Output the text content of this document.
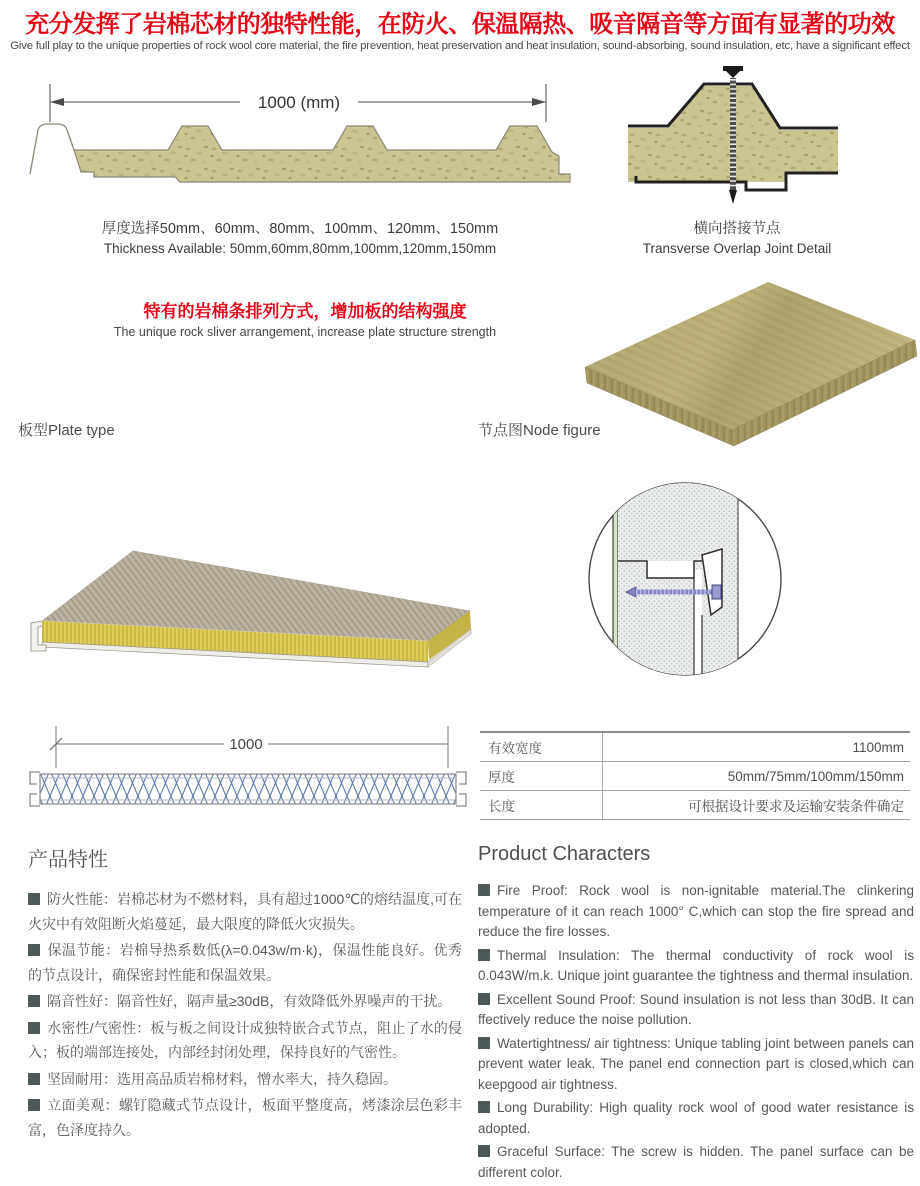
充分发挥了岩棉芯材的独特性能，在防火、保温隔热、吸音隔音等方面有显著的功效
Give full play to the unique properties of rock wool core material, the fire prevention, heat preservation and heat insulation, sound-absorbing, sound insulation, etc, have a significant effect
1000 (mm)
厚度选择50mm、60mm、80mm、100mm、120mm、150mm
Thickness Available: 50mm,60mm,80mm,100mm,120mm,150mm
横向搭接节点
Transverse Overlap Joint Detail
特有的岩棉条排列方式，增加板的结构强度
The unique rock sliver arrangement, increase plate structure strength
板型Plate type	节点图Node figure
1000	有效宽度	1100mm
厚度	50mm/75mm/100mm/150mm
长度	可根据设计要求及运输安装条件确定
产品特性
防火性能：岩棉芯材为不燃材料，具有超过1000℃的熔结温度,可在火灾中有效阻断火焰蔓延，最大限度的降低火灾损失。
保温节能：岩棉导热系数低(λ=0.043w/m·k)，保温性能良好。优秀的节点设计，确保密封性能和保温效果。
隔音性好：隔音性好，隔声量≥30dB，有效降低外界噪声的干扰。
水密性/气密性：板与板之间设计成独特嵌合式节点，阻止了水的侵入；板的端部连接处，内部经封闭处理，保持良好的气密性。
坚固耐用：选用高品质岩棉材料，憎水率大，持久稳固。
立面美观：螺钉隐藏式节点设计，板面平整度高，烤漆涂层色彩丰富，色泽度持久。
Product Characters
Fire Proof: Rock wool is non-ignitable material.The clinkering temperature of it can reach 1000° C,which can stop the fire spread and reduce the fire losses.
Thermal Insulation: The thermal conductivity of rock wool is 0.043W/m.k. Unique joint guarantee the tightness and thermal insulation.
Excellent Sound Proof: Sound insulation is not less than 30dB. It can ffectively reduce the noise pollution.
Watertightness/ air tightness: Unique tabling joint between panels can prevent water leak. The panel end connection part is closed,which can keepgood air tightness.
Long Durability: High quality rock wool of good water resistance is adopted.
Graceful Surface: The screw is hidden. The panel surface can be different color.
